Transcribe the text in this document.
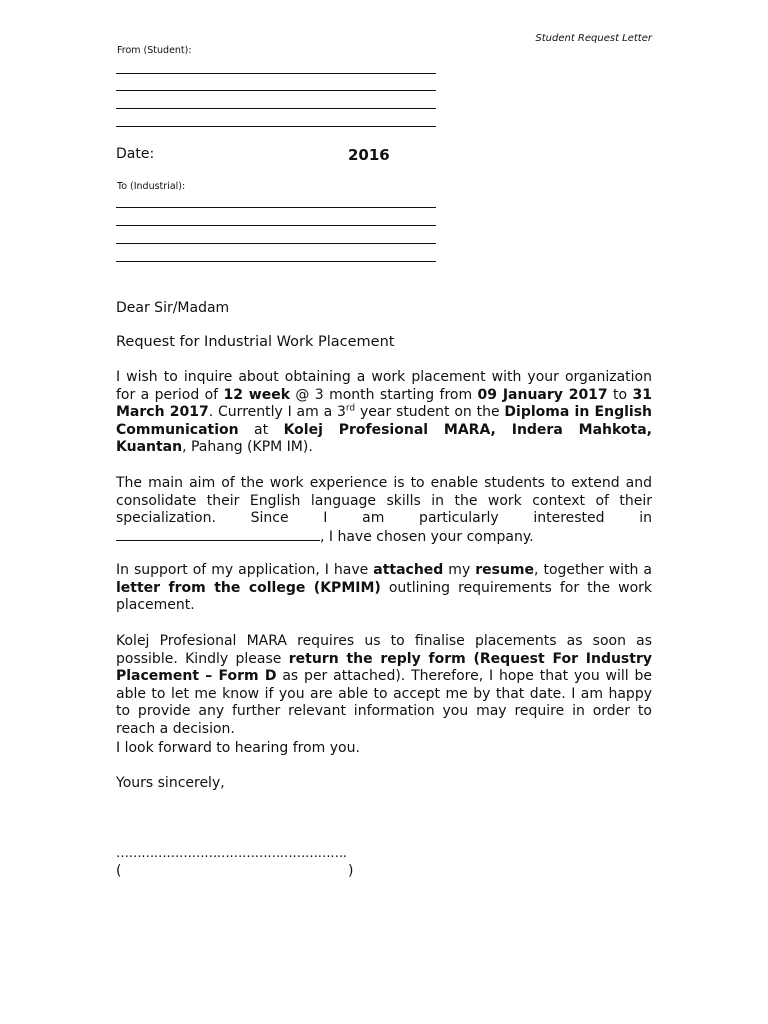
Student Request Letter

From (Student):

Date:	2016

To (Industrial):

Dear Sir/Madam

Request for Industrial Work Placement

I wish to inquire about obtaining a work placement with your organization for a period of 12 week @ 3 month starting from 09 January 2017 to 31 March 2017. Currently I am a 3rd year student on the Diploma in English Communication at Kolej Profesional MARA, Indera Mahkota, Kuantan, Pahang (KPM IM).

The main aim of the work experience is to enable students to extend and consolidate their English language skills in the work context of their specialization. Since I am particularly interested in , I have chosen your company.

In support of my application, I have attached my resume, together with a letter from the college (KPMIM) outlining requirements for the work placement.

Kolej Profesional MARA requires us to finalise placements as soon as possible. Kindly please return the reply form (Request For Industry Placement – Form D as per attached). Therefore, I hope that you will be able to let me know if you are able to accept me by that date. I am happy to provide any further relevant information you may require in order to reach a decision.

I look forward to hearing from you.

Yours sincerely,

……………………………………………….

(	)
